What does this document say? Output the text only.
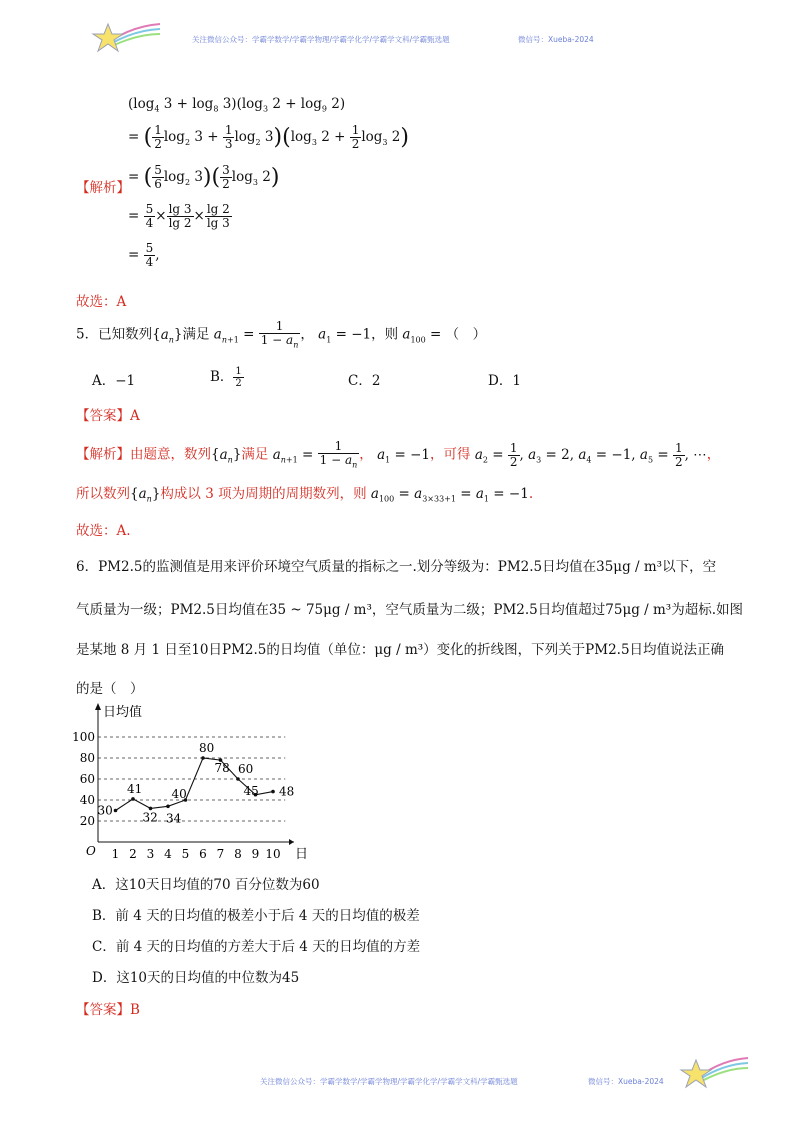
关注微信公众号：学霸学数学/学霸学物理/学霸学化学/学霸学文科/学霸甄选题	微信号：Xueba-2024
($\log_4$ $3 + \log_8 3)(\log_3$ $2 + \log_9 2$)
= ( $\frac{1}{2} \log_2 3 + \frac{1}{3} \log_2 3)(\log_3$ $2 + \frac{1}{2} \log_3 2$)
【解析】
= ( $\frac{5}{6} \log_2 3)( \frac{3}{2} \log_3 2)$
= $\frac{5}{4} \times \frac{\lg 3}{\lg 2} \times \frac{\lg 2}{\lg 3}$
= $\frac{5}{4}$ ,
故选：A
5．已知数列$\{a_n\}$满足 $a_{n+1} = \frac{1}{1 - a_n}$ ， $a_1 = -1$，则 $a_{100}$ = （　）
A．−1	B． $\frac{1}{2}$	C．2	D．1
【答案】A
【解析】由题意，数列$\{a_n\}$满足 $a_{n+1} = \frac{1}{1 - a_n}$ ， $a_1 = -1$，可得 $a_2 = \frac{1}{2}$ , $a_3 = 2$, $a_4 = -1$, $a_5 = \frac{1}{2}$ , ⋯，
所以数列$\{a_n\}$构成以 3 项为周期的周期数列，则 $a_{100} = a_{3\times 33+1} = a_1 = -1$.
故选：A.
6．PM2.5的监测值是用来评价环境空气质量的指标之一.划分等级为：PM2.5日均值在35μg / m³以下，空
气质量为一级；PM2.5日均值在35 ~ 75μg / m³，空气质量为二级；PM2.5日均值超过75μg / m³为超标.如图
是某地 8 月 1 日至10日PM2.5的日均值（单位：μg / m³）变化的折线图，下列关于PM2.5日均值说法正确
的是（　）
20
40
60
80
100
日均值
日
O 1 2 3 4 5 6 7 8 9 10
30
41
32 34
40
80
78 60
45 48
A．这10天日均值的70 百分位数为60
B．前 4 天的日均值的极差小于后 4 天的日均值的极差
C．前 4 天的日均值的方差大于后 4 天的日均值的方差
D．这10天的日均值的中位数为45
【答案】B
关注微信公众号：学霸学数学/学霸学物理/学霸学化学/学霸学文科/学霸甄选题	微信号：Xueba-2024
